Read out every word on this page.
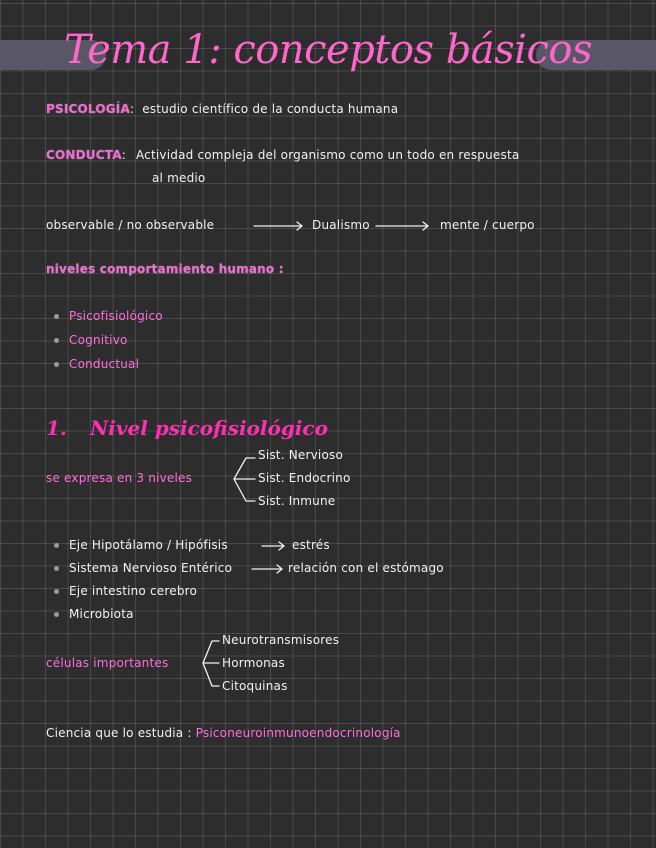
Tema 1: conceptos básicos
PSICOLOGÍA: estudio científico de la conducta humana
CONDUCTA: Actividad compleja del organismo como un todo en respuesta
al medio
observable / no observable	Dualismo	mente / cuerpo
niveles comportamiento humano :
Psicofisiológico
Cognitivo
Conductual
1. Nivel psicofisiológico
se expresa en 3 niveles
Sist. Nervioso
Sist. Endocrino
Sist. Inmune
Eje Hipotálamo / Hipófisis	estrés
Sistema Nervioso Entérico	relación con el estómago
Eje intestino cerebro
Microbiota
células importantes
Neurotransmisores
Hormonas
Citoquinas
Ciencia que lo estudia : Psiconeuroinmunoendocrinología
